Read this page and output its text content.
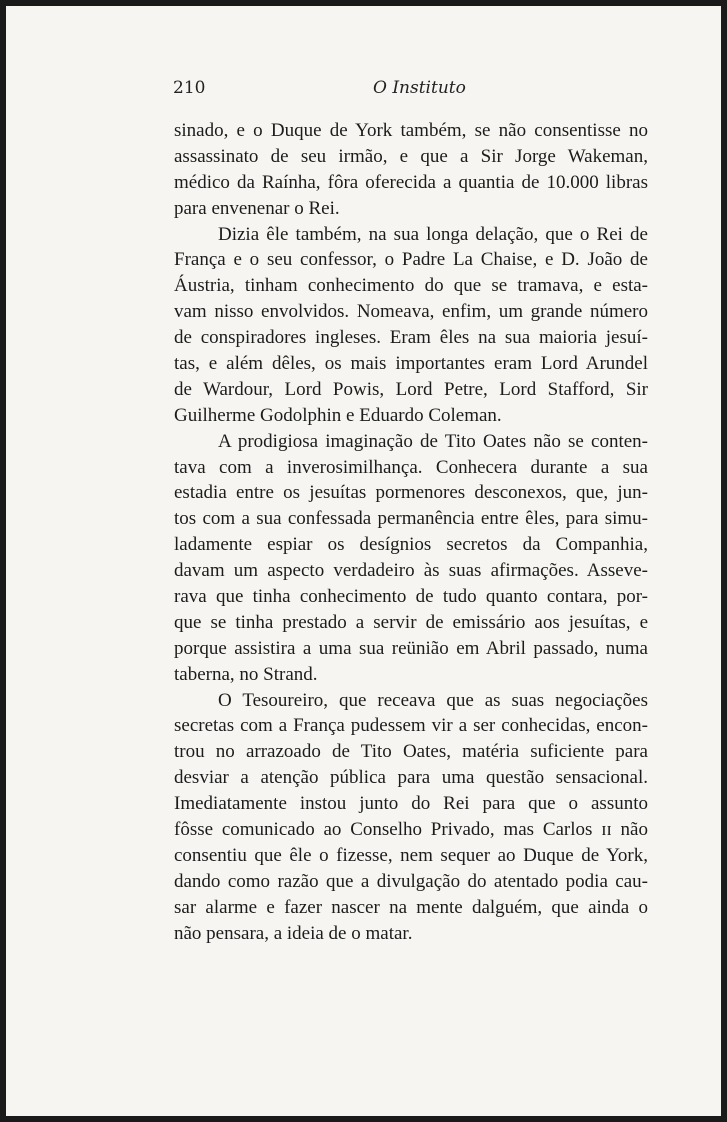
210	O Instituto
sinado, e o Duque de York também, se não consentisse no
assassinato de seu irmão, e que a Sir Jorge Wakeman,
médico da Raínha, fôra oferecida a quantia de 10.000 libras
para envenenar o Rei.
Dizia êle também, na sua longa delação, que o Rei de
França e o seu confessor, o Padre La Chaise, e D. João de
Áustria, tinham conhecimento do que se tramava, e esta-
vam nisso envolvidos. Nomeava, enfim, um grande número
de conspiradores ingleses. Eram êles na sua maioria jesuí-
tas, e além dêles, os mais importantes eram Lord Arundel
de Wardour, Lord Powis, Lord Petre, Lord Stafford, Sir
Guilherme Godolphin e Eduardo Coleman.
A prodigiosa imaginação de Tito Oates não se conten-
tava com a inverosimilhança. Conhecera durante a sua
estadia entre os jesuítas pormenores desconexos, que, jun-
tos com a sua confessada permanência entre êles, para simu-
ladamente espiar os desígnios secretos da Companhia,
davam um aspecto verdadeiro às suas afirmações. Asseve-
rava que tinha conhecimento de tudo quanto contara, por-
que se tinha prestado a servir de emissário aos jesuítas, e
porque assistira a uma sua reünião em Abril passado, numa
taberna, no Strand.
O Tesoureiro, que receava que as suas negociações
secretas com a França pudessem vir a ser conhecidas, encon-
trou no arrazoado de Tito Oates, matéria suficiente para
desviar a atenção pública para uma questão sensacional.
Imediatamente instou junto do Rei para que o assunto
fôsse comunicado ao Conselho Privado, mas Carlos ɪɪ não
consentiu que êle o fizesse, nem sequer ao Duque de York,
dando como razão que a divulgação do atentado podia cau-
sar alarme e fazer nascer na mente dalguém, que ainda o
não pensara, a ideia de o matar.
